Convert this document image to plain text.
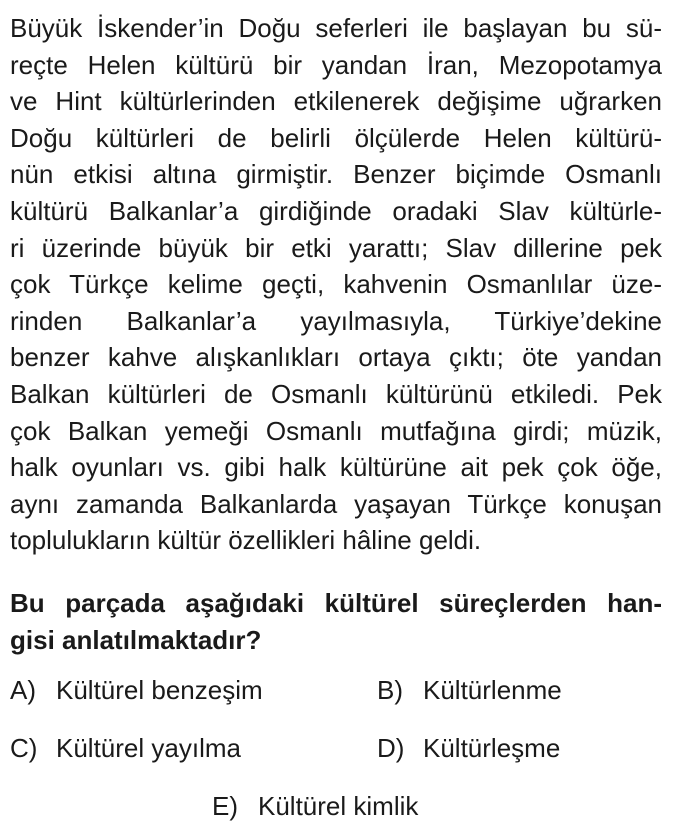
Büyük İskender’in Doğu seferleri ile başlayan bu sü-
reçte Helen kültürü bir yandan İran, Mezopotamya
ve Hint kültürlerinden etkilenerek değişime uğrarken
Doğu kültürleri de belirli ölçülerde Helen kültürü-
nün etkisi altına girmiştir. Benzer biçimde Osmanlı
kültürü Balkanlar’a girdiğinde oradaki Slav kültürle-
ri üzerinde büyük bir etki yarattı; Slav dillerine pek
çok Türkçe kelime geçti, kahvenin Osmanlılar üze-
rinden Balkanlar’a yayılmasıyla, Türkiye’dekine
benzer kahve alışkanlıkları ortaya çıktı; öte yandan
Balkan kültürleri de Osmanlı kültürünü etkiledi. Pek
çok Balkan yemeği Osmanlı mutfağına girdi; müzik,
halk oyunları vs. gibi halk kültürüne ait pek çok öğe,
aynı zamanda Balkanlarda yaşayan Türkçe konuşan
toplulukların kültür özellikleri hâline geldi.
Bu parçada aşağıdaki kültürel süreçlerden han-
gisi anlatılmaktadır?
A) Kültürel benzeşim	B) Kültürlenme
C) Kültürel yayılma	D) Kültürleşme
E) Kültürel kimlik
